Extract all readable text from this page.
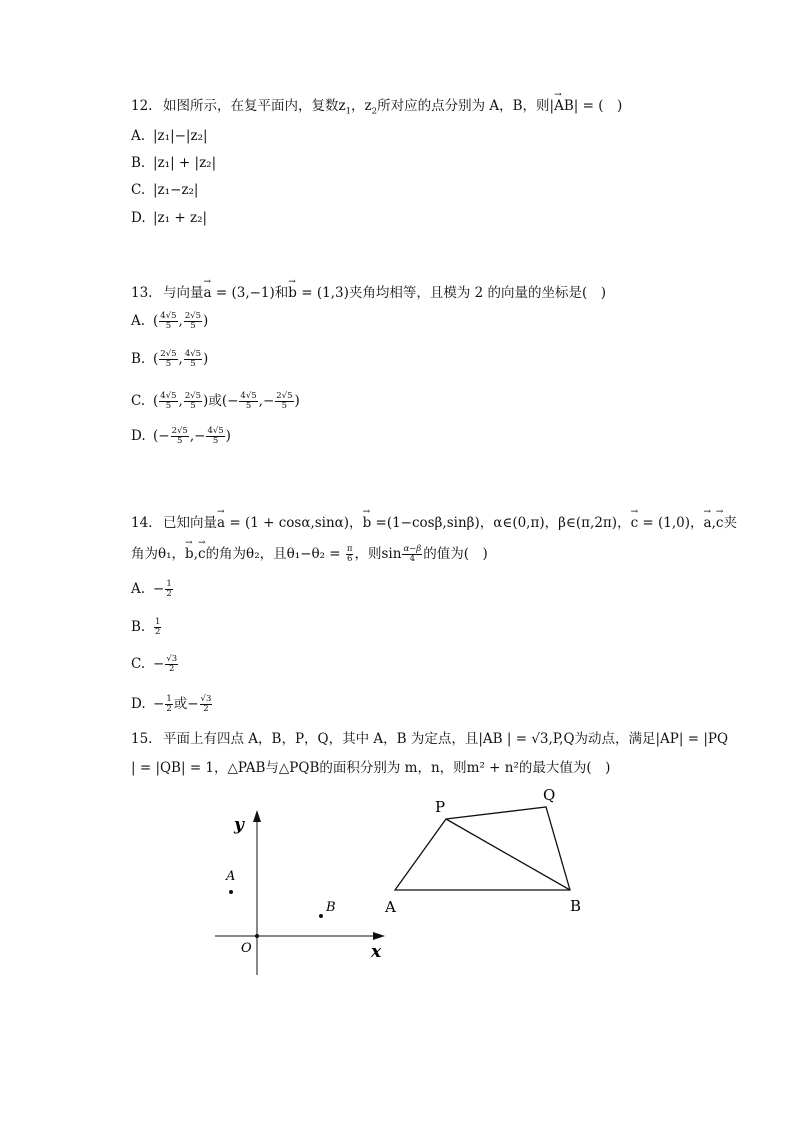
12. 如图所示，在复平面内，复数$z_1$，$z_2$所对应的点分别为 A，B，则|→ AB| = (　)
A. |z₁|−|z₂|
B. |z₁| + |z₂|
C. |z₁−z₂|
D. |z₁ + z₂|
13. 与向量→ a = (3,−1)和→ b = (1,3)夹角均相等，且模为 2 的向量的坐标是(　)
A. ( $\frac{4√5}{5}$ , $\frac{2√5}{5}$ )
B. ( $\frac{2√5}{5}$ , $\frac{4√5}{5}$ )
C. ( $\frac{4√5}{5}$ , $\frac{2√5}{5}$ )或(− $\frac{4√5}{5}$ ,− $\frac{2√5}{5}$ )
D. (− $\frac{2√5}{5}$ ,− $\frac{4√5}{5}$ )
14. 已知向量→ a = (1 + cosα,sinα)，→ b =(1−cosβ,sinβ)，α∈(0,π)，β∈(π,2π)，→ c = (1,0)，→ a,→ c夹
角为θ₁，→ b,→ c的角为θ₂，且$\theta_1-\theta_2 = \frac{\pi}{6}$ ，则$\sin \frac{\alpha-\beta}{4}$ 的值为(　)
A. − $\frac{1}{2}$
B. $\frac{1}{2}$
C. − $\frac{√3}{2}$
D. − $\frac{1}{2}$ 或− $\frac{√3}{2}$
15. 平面上有四点 A，B，P，Q，其中 A，B 为定点，且|AB | = √3,P,Q为动点，满足|AP| = |PQ
| = |QB| = 1，△PAB与△PQB的面积分别为 m，n，则m² + n²的最大值为(　)
y
x
O
A
B
P
Q
A	B
